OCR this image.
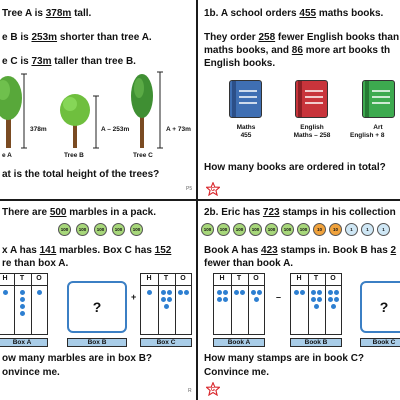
Tree A is 378m tall.
e B is 253m shorter than tree A.
e C is 73m taller than tree B.
378m	A – 253m	A + 73m
e A	Tree B	Tree C
at is the total height of the trees?
P5
1b. A school orders 455 maths books.
They order 258 fewer English books than
maths books, and 86 more art books th
English books.
Maths
455
English
Maths – 258
Art
English + 8
How many books are ordered in total?
G
There are 500 marbles in a pack.
100	100	100	100	100
x A has 141 marbles. Box C has 152
re than box A.
H	T	O
Box A
?
Box B
+
H	T	O
Box C
ow many marbles are in box B?
onvince me.
R
2b. Eric has 723 stamps in his collection
100	100	100	100	100	100	100	10	10	1	1	1
Book A has 423 stamps in. Book B has 2
fewer than book A.
H	T	O
Book A
–
H	T	O
Book B
?
Book C
How many stamps are in book C?
Convince me.
G
